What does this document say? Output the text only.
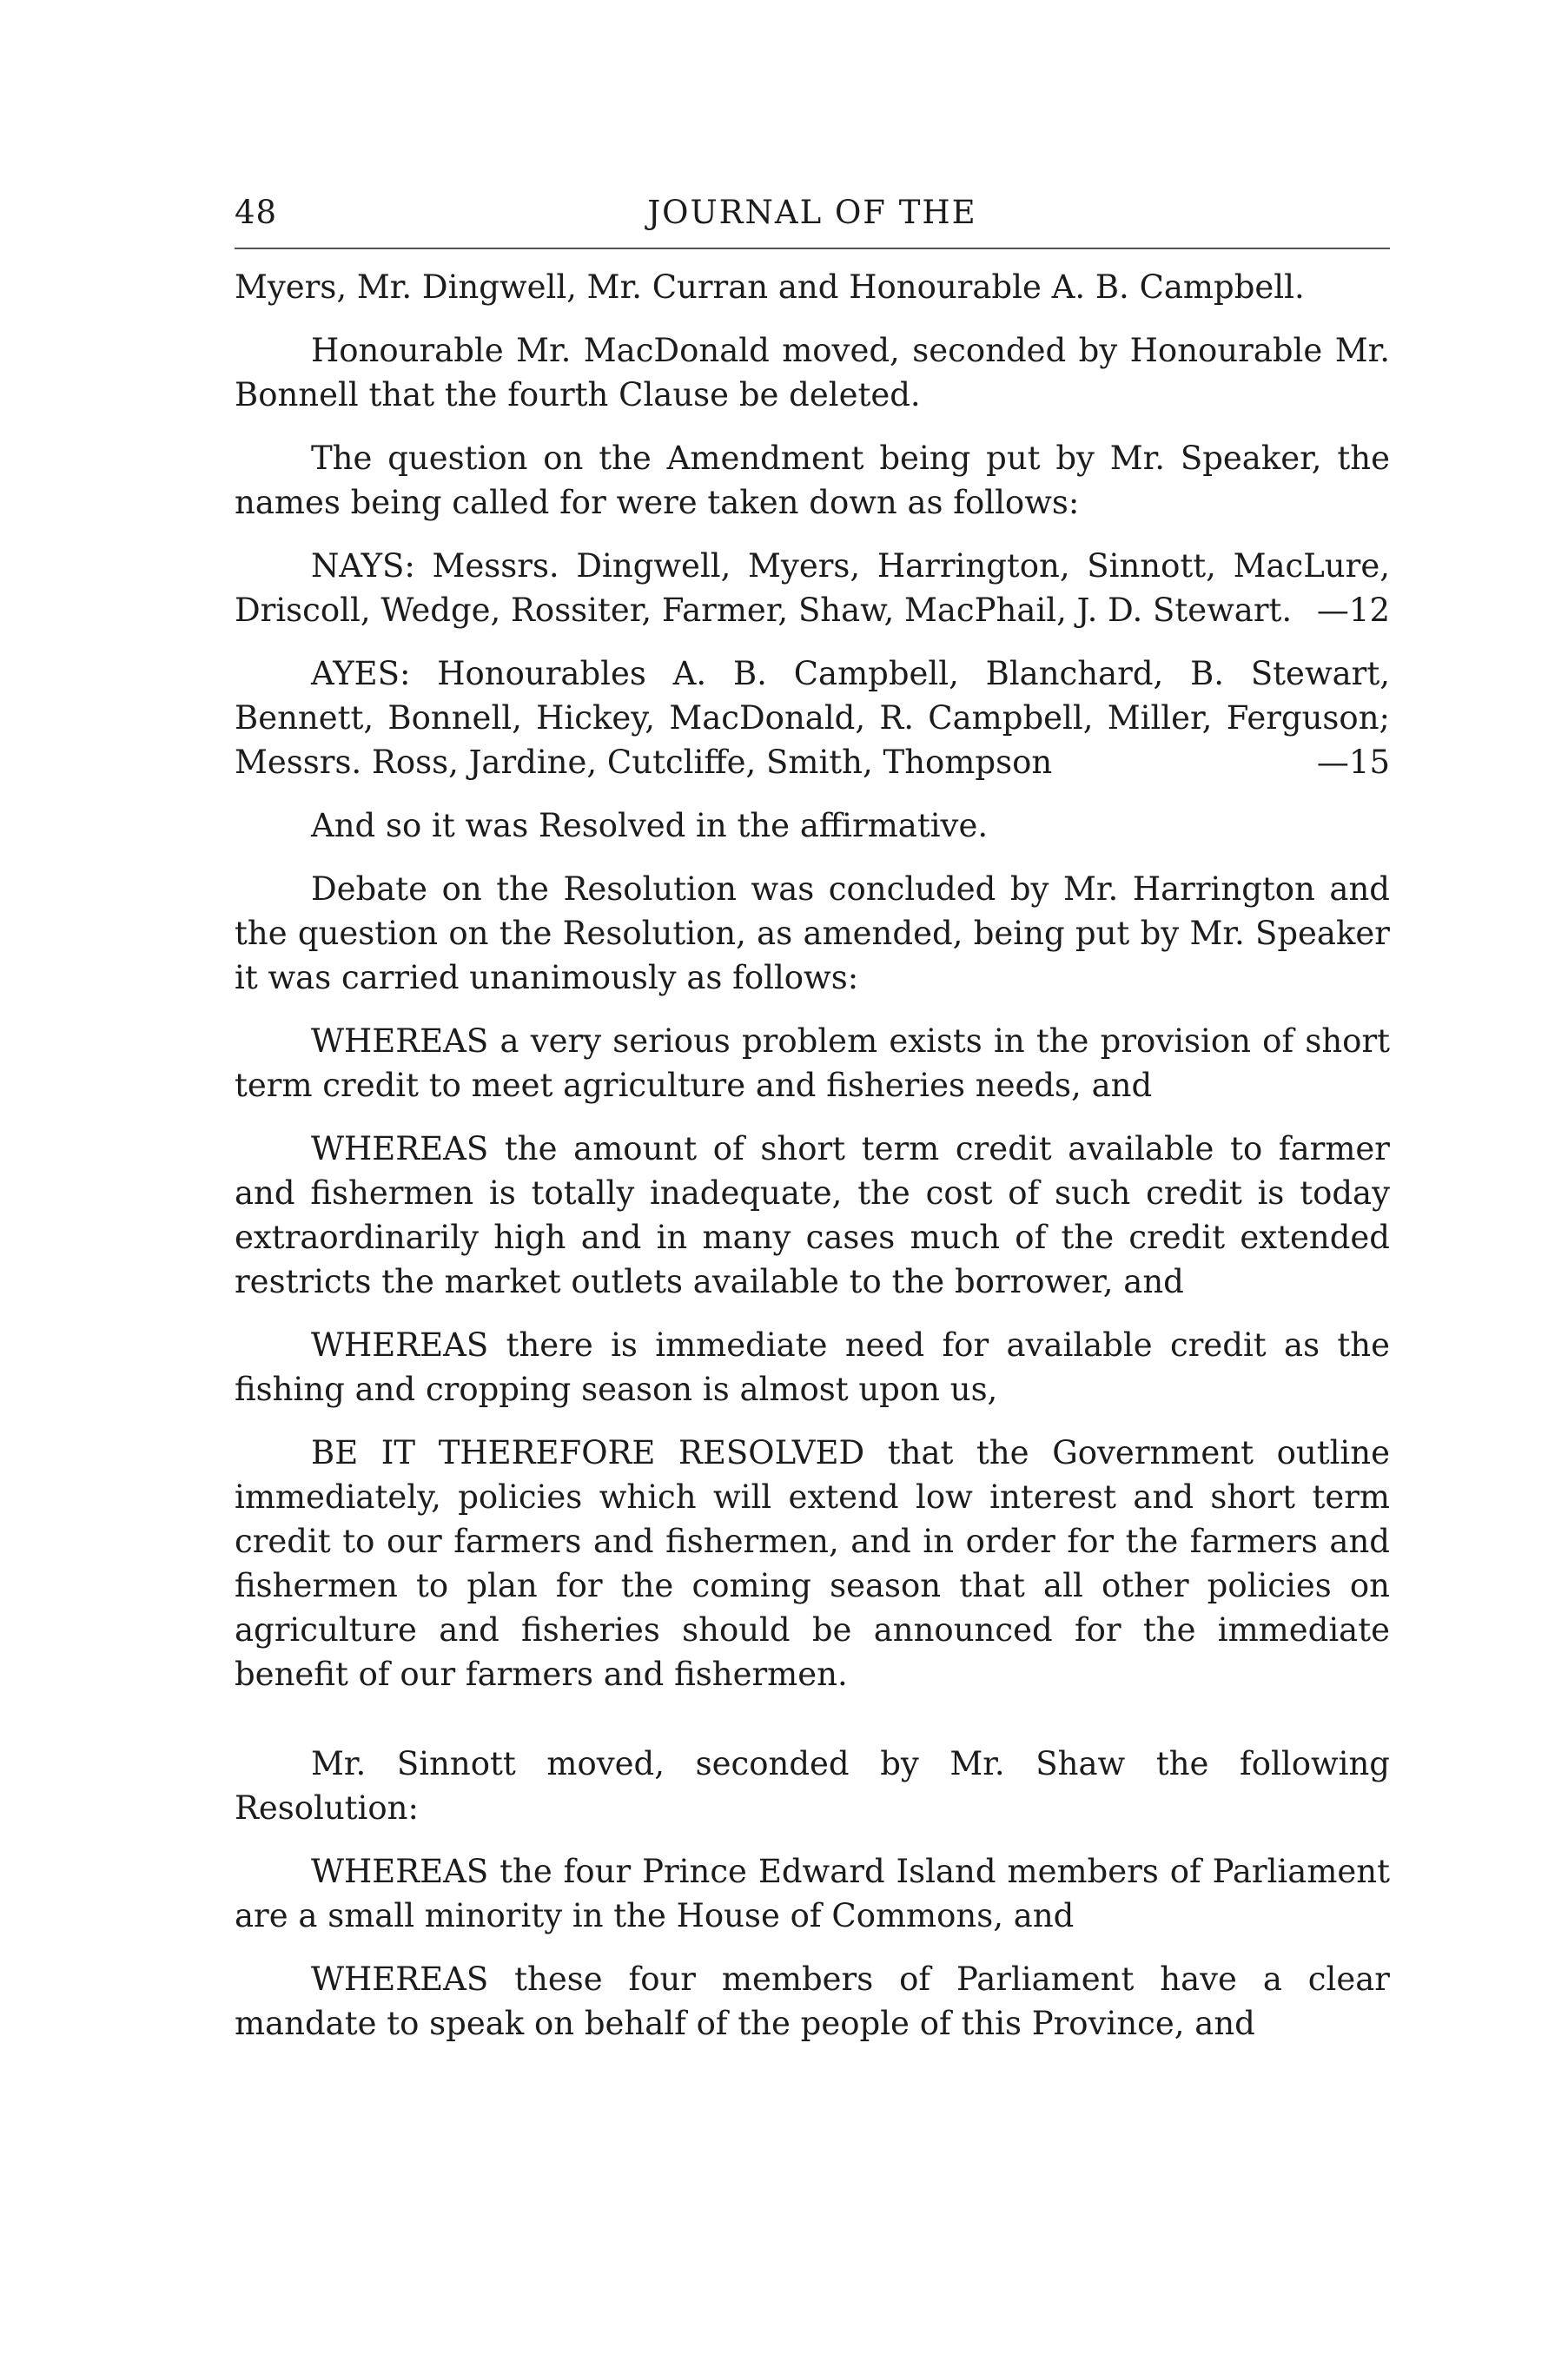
48	JOURNAL OF THE

Myers, Mr. Dingwell, Mr. Curran and Honourable A. B. Campbell.

Honourable Mr. MacDonald moved, seconded by Honourable Mr. Bonnell that the fourth Clause be deleted.

The question on the Amendment being put by Mr. Speaker, the names being called for were taken down as follows:

NAYS: Messrs. Dingwell, Myers, Harrington, Sinnott, MacLure, Driscoll, Wedge, Rossiter, Farmer, Shaw, MacPhail, J. D. Stewart. —12
AYES: Honourables A. B. Campbell, Blanchard, B. Stewart, Bennett, Bonnell, Hickey, MacDonald, R. Campbell, Miller, Ferguson; Messrs. Ross, Jardine, Cutcliffe, Smith, Thompson	—15

And so it was Resolved in the affirmative.

Debate on the Resolution was concluded by Mr. Harrington and the question on the Resolution, as amended, being put by Mr. Speaker it was carried unanimously as follows:

WHEREAS a very serious problem exists in the provision of short term credit to meet agriculture and fisheries needs, and

WHEREAS the amount of short term credit available to farmer and fishermen is totally inadequate, the cost of such credit is today extraordinarily high and in many cases much of the credit extended restricts the market outlets available to the borrower, and

WHEREAS there is immediate need for available credit as the fishing and cropping season is almost upon us,

BE IT THEREFORE RESOLVED that the Government outline immediately, policies which will extend low interest and short term credit to our farmers and fishermen, and in order for the farmers and fishermen to plan for the coming season that all other policies on agriculture and fisheries should be announced for the immediate benefit of our farmers and fishermen.

Mr. Sinnott moved, seconded by Mr. Shaw the following Resolution:

WHEREAS the four Prince Edward Island members of Parliament are a small minority in the House of Commons, and

WHEREAS these four members of Parliament have a clear mandate to speak on behalf of the people of this Province, and
